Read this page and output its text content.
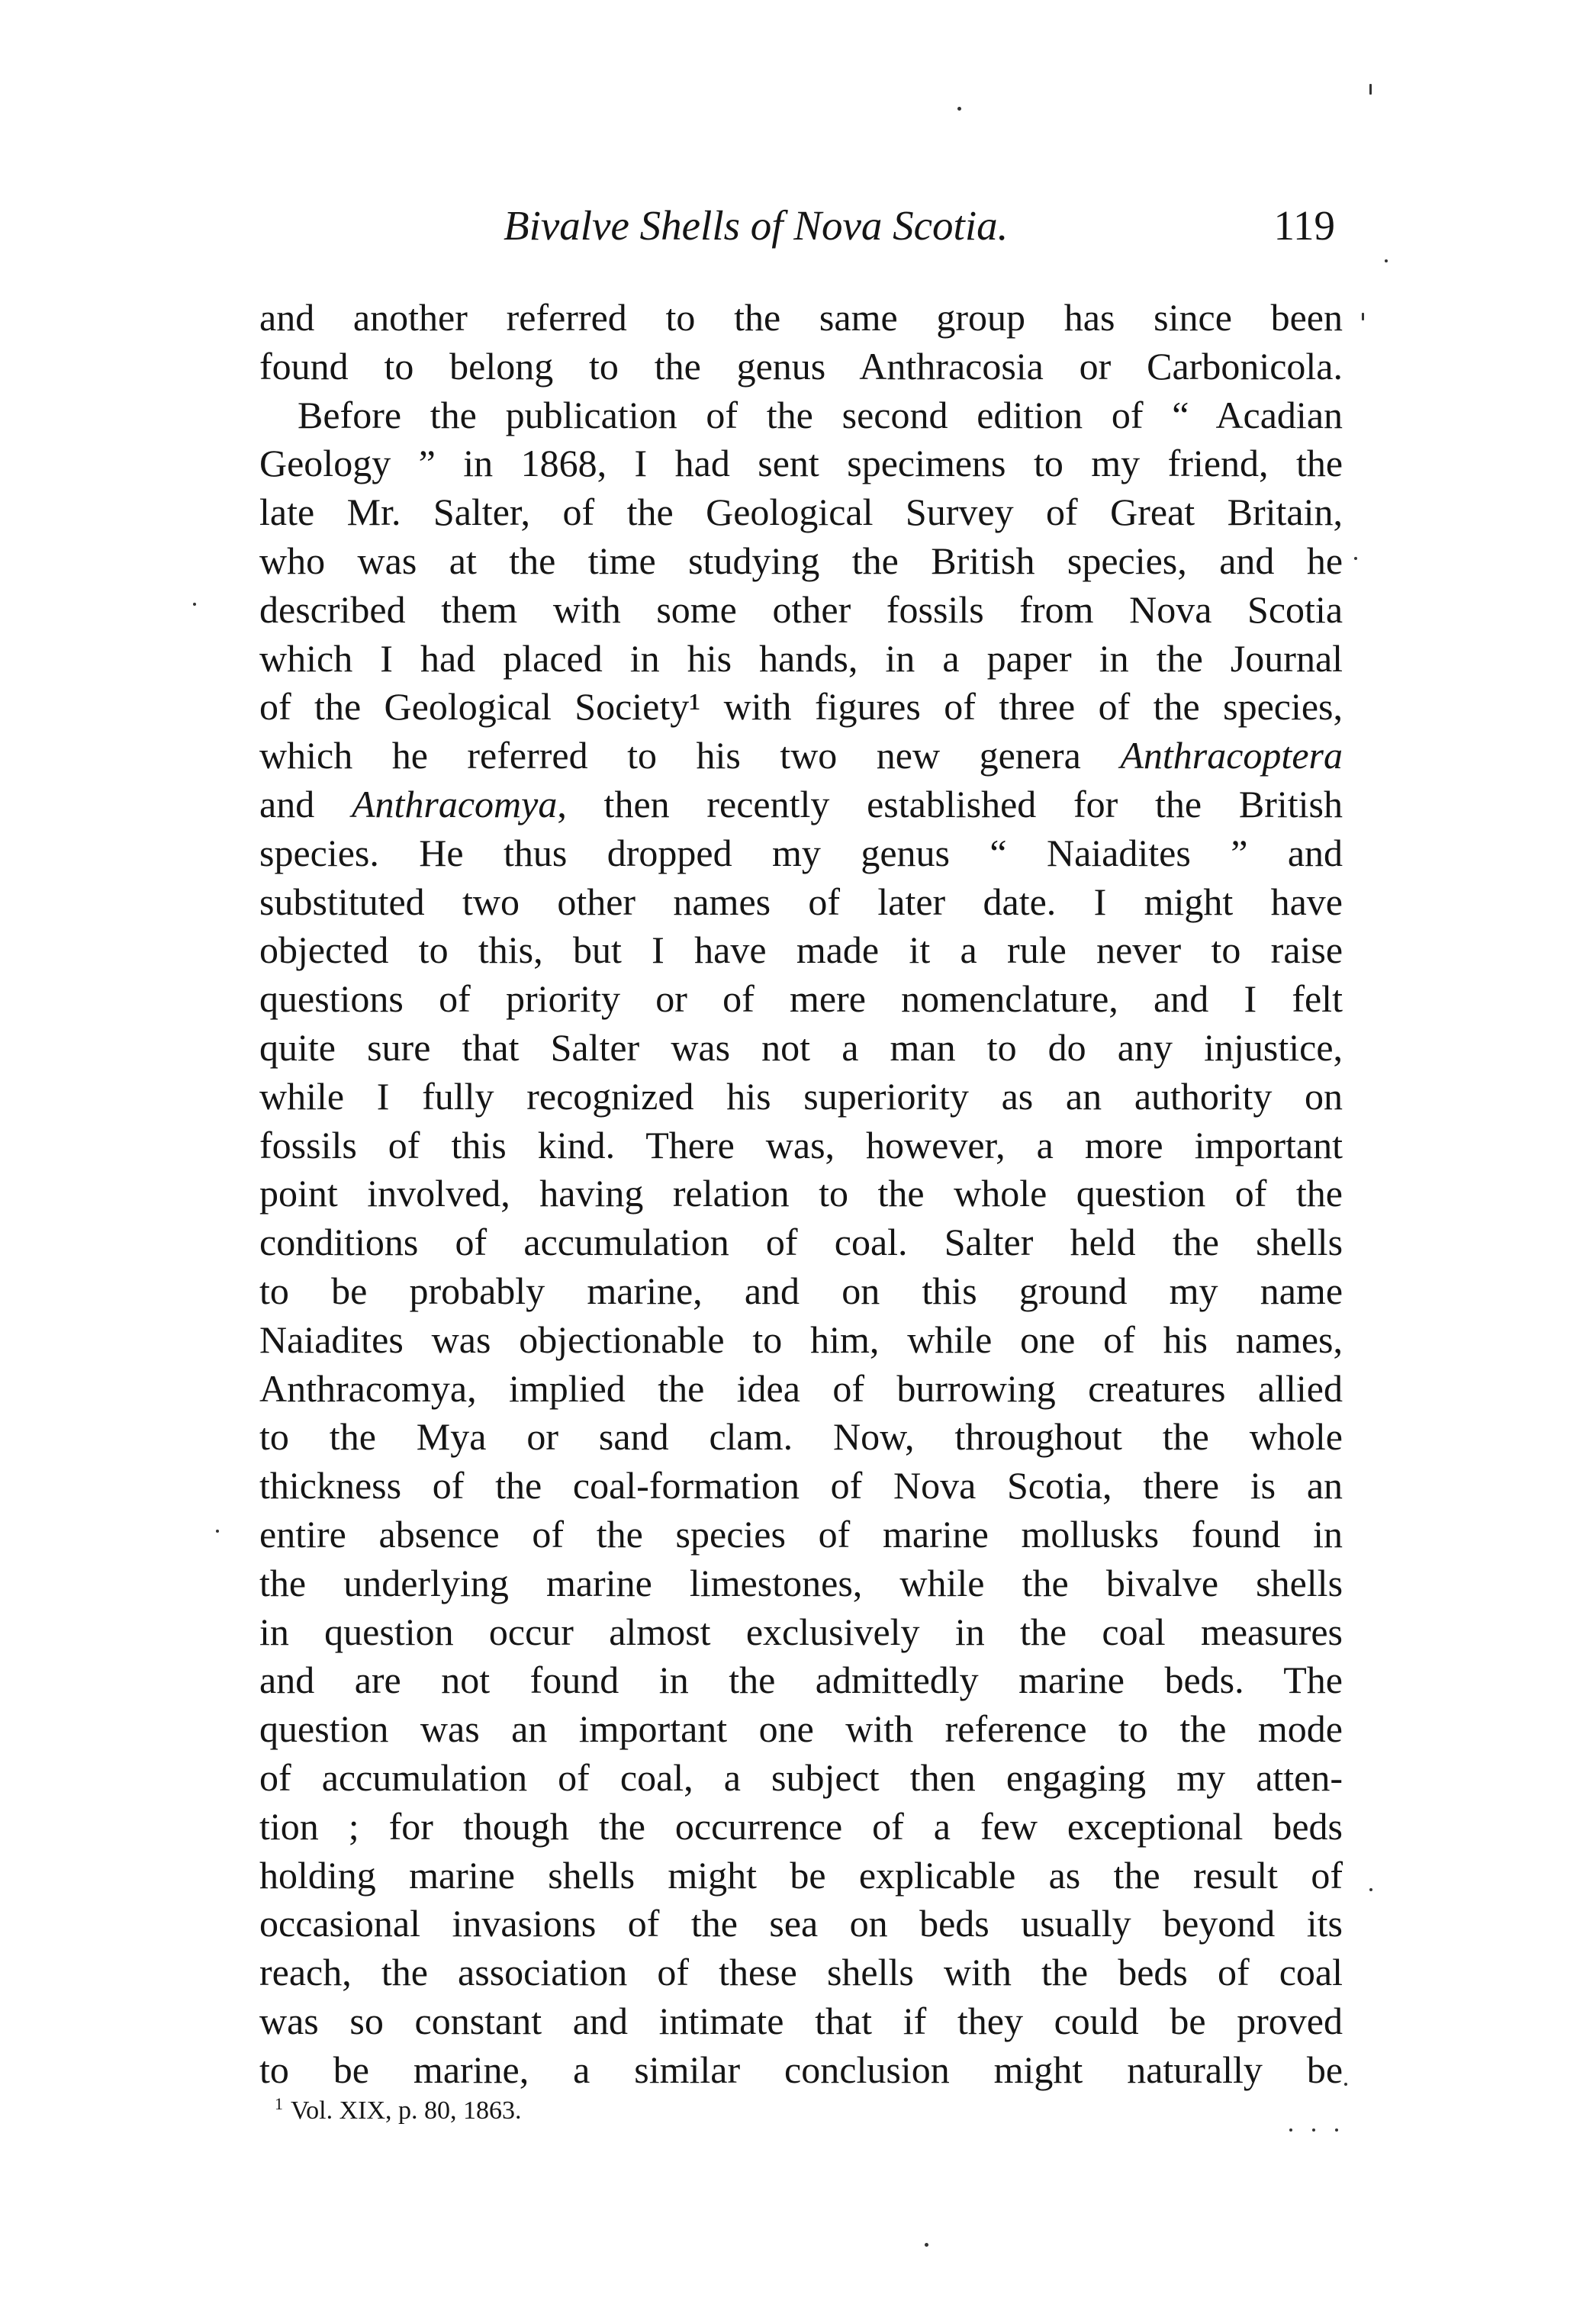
Bivalve Shells of Nova Scotia.	119
and another referred to the same group has since been
found to belong to the genus Anthracosia or Carbonicola.
Before the publication of the second edition of “ Acadian
Geology ” in 1868, I had sent specimens to my friend, the
late Mr. Salter, of the Geological Survey of Great Britain,
who was at the time studying the British species, and he
described them with some other fossils from Nova Scotia
which I had placed in his hands, in a paper in the Journal
of the Geological Society¹ with figures of three of the species,
which he referred to his two new genera Anthracoptera
and Anthracomya, then recently established for the British
species. He thus dropped my genus “ Naiadites ” and
substituted two other names of later date. I might have
objected to this, but I have made it a rule never to raise
questions of priority or of mere nomenclature, and I felt
quite sure that Salter was not a man to do any injustice,
while I fully recognized his superiority as an authority on
fossils of this kind. There was, however, a more important
point involved, having relation to the whole question of the
conditions of accumulation of coal. Salter held the shells
to be probably marine, and on this ground my name
Naiadites was objectionable to him, while one of his names,
Anthracomya, implied the idea of burrowing creatures allied
to the Mya or sand clam. Now, throughout the whole
thickness of the coal-formation of Nova Scotia, there is an
entire absence of the species of marine mollusks found in
the underlying marine limestones, while the bivalve shells
in question occur almost exclusively in the coal measures
and are not found in the admittedly marine beds. The
question was an important one with reference to the mode
of accumulation of coal, a subject then engaging my atten-
tion ; for though the occurrence of a few exceptional beds
holding marine shells might be explicable as the result of
occasional invasions of the sea on beds usually beyond its
reach, the association of these shells with the beds of coal
was so constant and intimate that if they could be proved
to be marine, a similar conclusion might naturally be
$^1$ Vol. XIX, p. 80, 1863.
